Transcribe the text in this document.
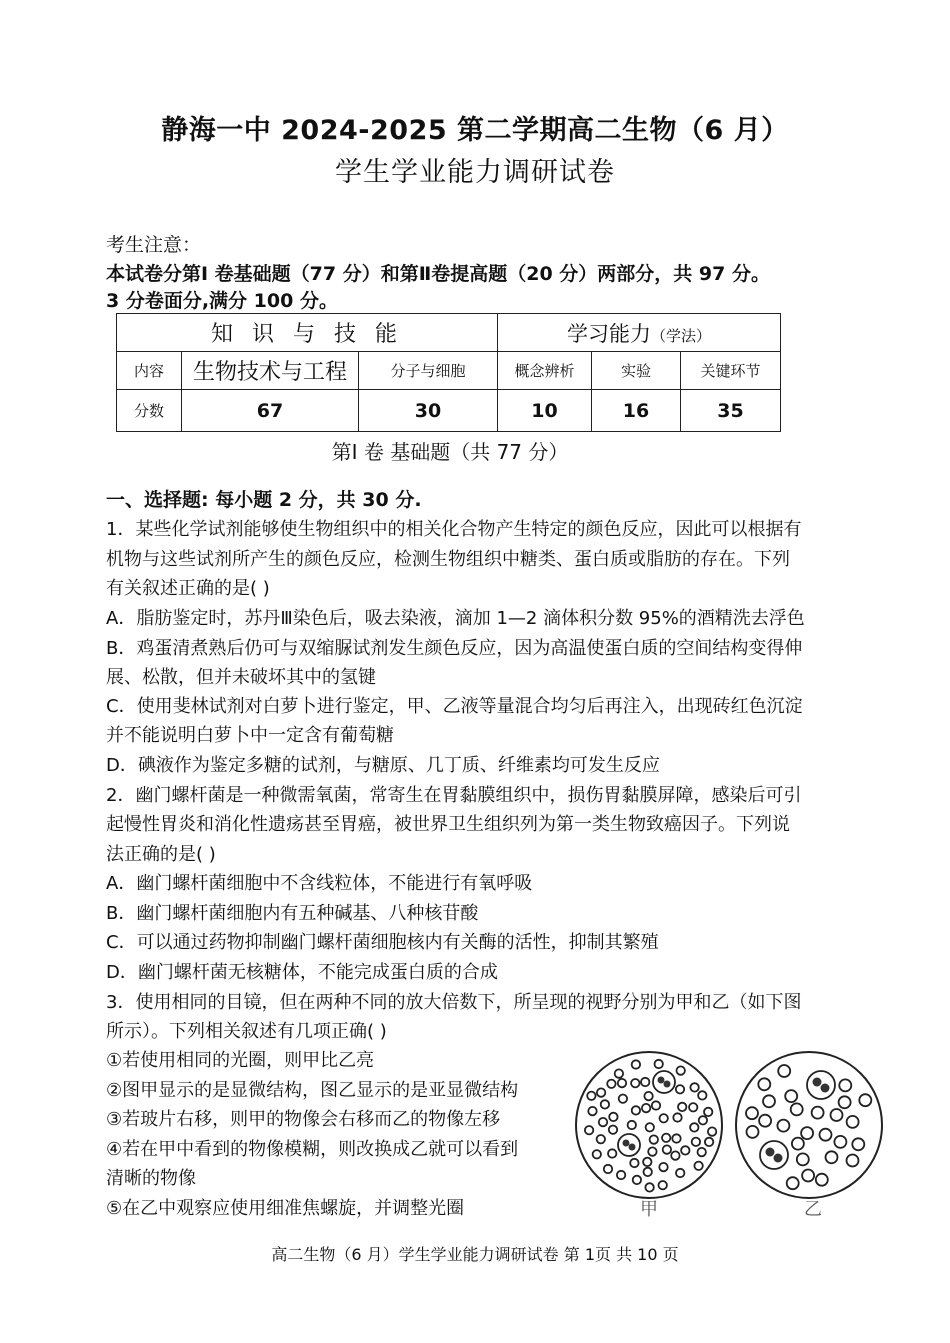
静海一中 2024-2025 第二学期高二生物（6 月）
学生学业能力调研试卷
考生注意：
本试卷分第Ⅰ 卷基础题（77 分）和第Ⅱ卷提高题（20 分）两部分，共 97 分。
3 分卷面分,满分 100 分。
知 识 与 技 能			学习能力（学法）		
内容	生物技术与工程	分子与细胞	概念辨析	实验	关键环节
分数	67	30	10	16	35
第Ⅰ 卷 基础题（共 77 分）
一、选择题: 每小题 2 分，共 30 分.
1．某些化学试剂能够使生物组织中的相关化合物产生特定的颜色反应，因此可以根据有
机物与这些试剂所产生的颜色反应，检测生物组织中糖类、蛋白质或脂肪的存在。下列
有关叙述正确的是( )
A．脂肪鉴定时，苏丹Ⅲ染色后，吸去染液，滴加 1—2 滴体积分数 95%的酒精洗去浮色
B．鸡蛋清煮熟后仍可与双缩脲试剂发生颜色反应，因为高温使蛋白质的空间结构变得伸
展、松散，但并未破坏其中的氢键
C．使用斐林试剂对白萝卜进行鉴定，甲、乙液等量混合均匀后再注入，出现砖红色沉淀
并不能说明白萝卜中一定含有葡萄糖
D．碘液作为鉴定多糖的试剂，与糖原、几丁质、纤维素均可发生反应
2．幽门螺杆菌是一种微需氧菌，常寄生在胃黏膜组织中，损伤胃黏膜屏障，感染后可引
起慢性胃炎和消化性遗疡甚至胃癌，被世界卫生组织列为第一类生物致癌因子。下列说
法正确的是( )
A．幽门螺杆菌细胞中不含线粒体，不能进行有氧呼吸
B．幽门螺杆菌细胞内有五种碱基、八种核苷酸
C．可以通过药物抑制幽门螺杆菌细胞核内有关酶的活性，抑制其繁殖
D．幽门螺杆菌无核糖体，不能完成蛋白质的合成
3．使用相同的目镜，但在两种不同的放大倍数下，所呈现的视野分别为甲和乙（如下图
所示）。下列相关叙述有几项正确( )
①若使用相同的光圈，则甲比乙亮
②图甲显示的是显微结构，图乙显示的是亚显微结构
③若玻片右移，则甲的物像会右移而乙的物像左移
④若在甲中看到的物像模糊，则改换成乙就可以看到
清晰的物像
⑤在乙中观察应使用细准焦螺旋，并调整光圈	甲	乙
高二生物（6 月）学生学业能力调研试卷 第 1页 共 10 页
